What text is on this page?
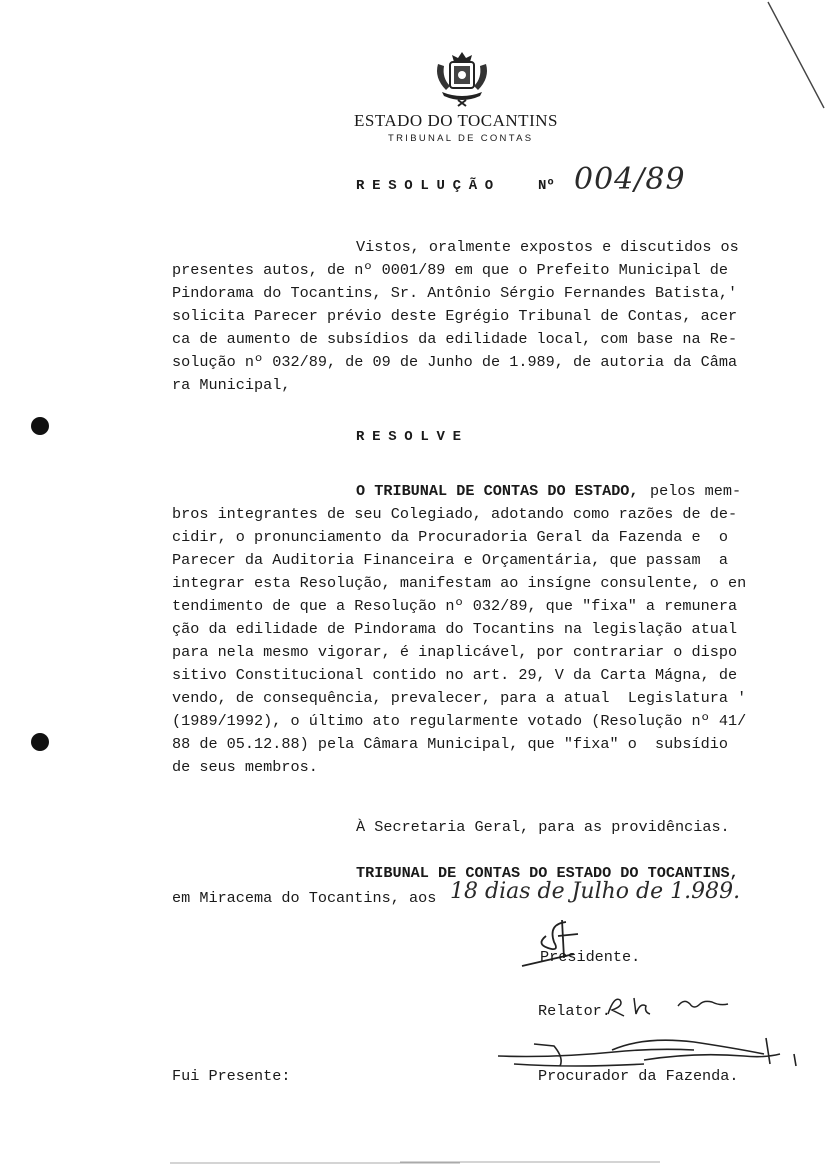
ESTADO DO TOCANTINS
TRIBUNAL DE CONTAS
RESOLUÇÃO	Nº 004/89
Vistos, oralmente expostos e discutidos os
presentes autos, de nº 0001/89 em que o Prefeito Municipal de
Pindorama do Tocantins, Sr. Antônio Sérgio Fernandes Batista,'
solicita Parecer prévio deste Egrégio Tribunal de Contas, acer
ca de aumento de subsídios da edilidade local, com base na Re-
solução nº 032/89, de 09 de Junho de 1.989, de autoria da Câma
ra Municipal,
RESOLVE
O TRIBUNAL DE CONTAS DO ESTADO, pelos mem-
bros integrantes de seu Colegiado, adotando como razões de de-
cidir, o pronunciamento da Procuradoria Geral da Fazenda e  o
Parecer da Auditoria Financeira e Orçamentária, que passam  a
integrar esta Resolução, manifestam ao insígne consulente, o en
tendimento de que a Resolução nº 032/89, que "fixa" a remunera
ção da edilidade de Pindorama do Tocantins na legislação atual
para nela mesmo vigorar, é inaplicável, por contrariar o dispo
sitivo Constitucional contido no art. 29, V da Carta Mágna, de
vendo, de consequência, prevalecer, para a atual  Legislatura '
(1989/1992), o último ato regularmente votado (Resolução nº 41/
88 de 05.12.88) pela Câmara Municipal, que "fixa" o  subsídio
de seus membros.
À Secretaria Geral, para as providências.
TRIBUNAL DE CONTAS DO ESTADO DO TOCANTINS,
em Miracema do Tocantins, aos 18 dias de Julho de 1.989.
Presidente.
Relator.
Procurador da Fazenda.
Fui Presente:
